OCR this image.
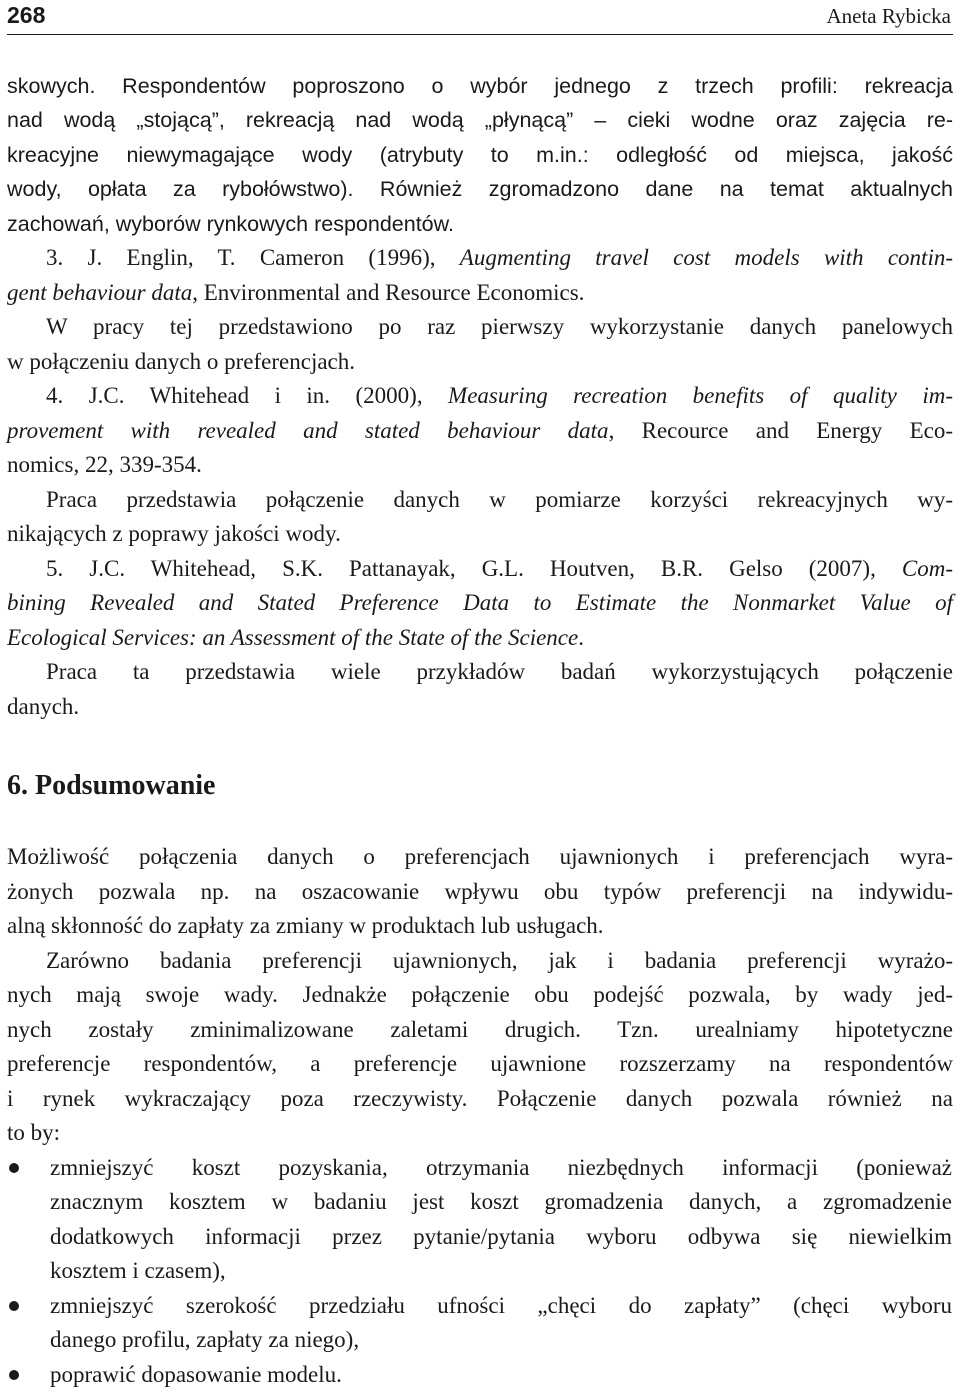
268	Aneta Rybicka
skowych. Respondentów poproszono o wybór jednego z trzech profili: rekreacja
nad wodą „stojącą”, rekreacją nad wodą „płynącą” – cieki wodne oraz zajęcia re-
kreacyjne niewymagające wody (atrybuty to m.in.: odległość od miejsca, jakość
wody, opłata za rybołówstwo). Również zgromadzono dane na temat aktualnych
zachowań, wyborów rynkowych respondentów.
3. J. Englin, T. Cameron (1996), Augmenting travel cost models with contin-
gent behaviour data, Environmental and Resource Economics.
W pracy tej przedstawiono po raz pierwszy wykorzystanie danych panelowych
w połączeniu danych o preferencjach.
4. J.C. Whitehead i in. (2000), Measuring recreation benefits of quality im-
provement with revealed and stated behaviour data, Recource and Energy Eco-
nomics, 22, 339-354.
Praca przedstawia połączenie danych w pomiarze korzyści rekreacyjnych wy-
nikających z poprawy jakości wody.
5. J.C. Whitehead, S.K. Pattanayak, G.L. Houtven, B.R. Gelso (2007), Com-
bining Revealed and Stated Preference Data to Estimate the Nonmarket Value of
Ecological Services: an Assessment of the State of the Science.
Praca ta przedstawia wiele przykładów badań wykorzystujących połączenie
danych.
6. Podsumowanie
Możliwość połączenia danych o preferencjach ujawnionych i preferencjach wyra-
żonych pozwala np. na oszacowanie wpływu obu typów preferencji na indywidu-
alną skłonność do zapłaty za zmiany w produktach lub usługach.
Zarówno badania preferencji ujawnionych, jak i badania preferencji wyrażo-
nych mają swoje wady. Jednakże połączenie obu podejść pozwala, by wady jed-
nych zostały zminimalizowane zaletami drugich. Tzn. urealniamy hipotetyczne
preferencje respondentów, a preferencje ujawnione rozszerzamy na respondentów
i rynek wykraczający poza rzeczywisty. Połączenie danych pozwala również na
to by:
zmniejszyć koszt pozyskania, otrzymania niezbędnych informacji (ponieważ
znacznym kosztem w badaniu jest koszt gromadzenia danych, a zgromadzenie
dodatkowych informacji przez pytanie/pytania wyboru odbywa się niewielkim
kosztem i czasem),
zmniejszyć szerokość przedziału ufności „chęci do zapłaty” (chęci wyboru
danego profilu, zapłaty za niego),
poprawić dopasowanie modelu.
